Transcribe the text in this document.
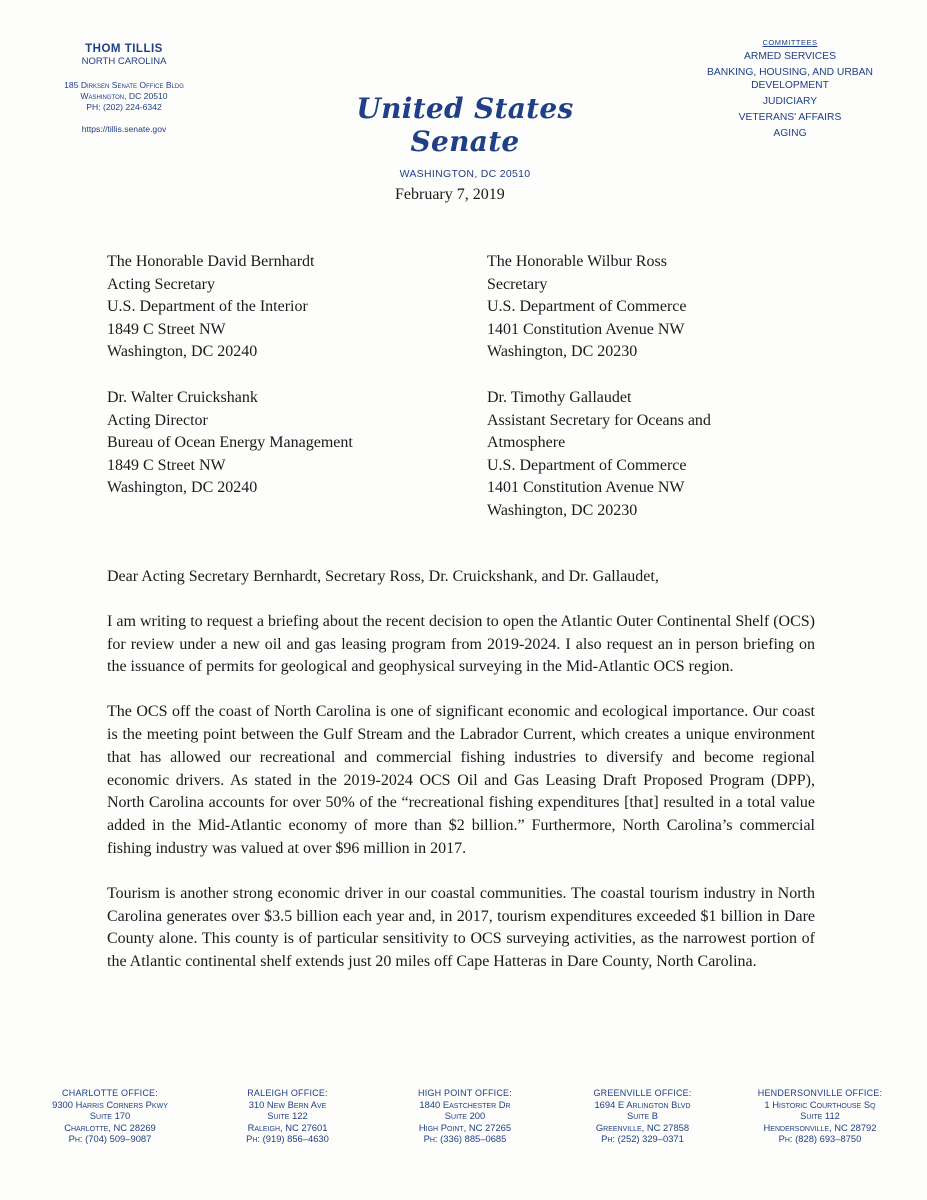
THOM TILLIS
NORTH CAROLINA
185 Dirksen Senate Office Bldg
Washington, DC 20510
PH: (202) 224-6342
https://tillis.senate.gov
United States Senate
WASHINGTON, DC 20510
COMMITTEES
ARMED SERVICES
BANKING, HOUSING, AND URBAN DEVELOPMENT
JUDICIARY
VETERANS' AFFAIRS
AGING
February 7, 2019
The Honorable David Bernhardt
Acting Secretary
U.S. Department of the Interior
1849 C Street NW
Washington, DC 20240
The Honorable Wilbur Ross
Secretary
U.S. Department of Commerce
1401 Constitution Avenue NW
Washington, DC 20230
Dr. Walter Cruickshank
Acting Director
Bureau of Ocean Energy Management
1849 C Street NW
Washington, DC 20240
Dr. Timothy Gallaudet
Assistant Secretary for Oceans and
Atmosphere
U.S. Department of Commerce
1401 Constitution Avenue NW
Washington, DC 20230

Dear Acting Secretary Bernhardt, Secretary Ross, Dr. Cruickshank, and Dr. Gallaudet,

I am writing to request a briefing about the recent decision to open the Atlantic Outer Continental Shelf (OCS) for review under a new oil and gas leasing program from 2019-2024. I also request an in person briefing on the issuance of permits for geological and geophysical surveying in the Mid-Atlantic OCS region.

The OCS off the coast of North Carolina is one of significant economic and ecological importance. Our coast is the meeting point between the Gulf Stream and the Labrador Current, which creates a unique environment that has allowed our recreational and commercial fishing industries to diversify and become regional economic drivers. As stated in the 2019-2024 OCS Oil and Gas Leasing Draft Proposed Program (DPP), North Carolina accounts for over 50% of the “recreational fishing expenditures [that] resulted in a total value added in the Mid-Atlantic economy of more than $2 billion.” Furthermore, North Carolina’s commercial fishing industry was valued at over $96 million in 2017.

Tourism is another strong economic driver in our coastal communities. The coastal tourism industry in North Carolina generates over $3.5 billion each year and, in 2017, tourism expenditures exceeded $1 billion in Dare County alone. This county is of particular sensitivity to OCS surveying activities, as the narrowest portion of the Atlantic continental shelf extends just 20 miles off Cape Hatteras in Dare County, North Carolina.

CHARLOTTE OFFICE:
9300 Harris Corners Pkwy
Suite 170
Charlotte, NC 28269
Ph: (704) 509–9087
RALEIGH OFFICE:
310 New Bern Ave
Suite 122
Raleigh, NC 27601
Ph: (919) 856–4630
HIGH POINT OFFICE:
1840 Eastchester Dr
Suite 200
High Point, NC 27265
Ph: (336) 885–0685
GREENVILLE OFFICE:
1694 E Arlington Blvd
Suite B
Greenville, NC 27858
Ph: (252) 329–0371
HENDERSONVILLE OFFICE:
1 Historic Courthouse Sq
Suite 112
Hendersonville, NC 28792
Ph: (828) 693–8750
